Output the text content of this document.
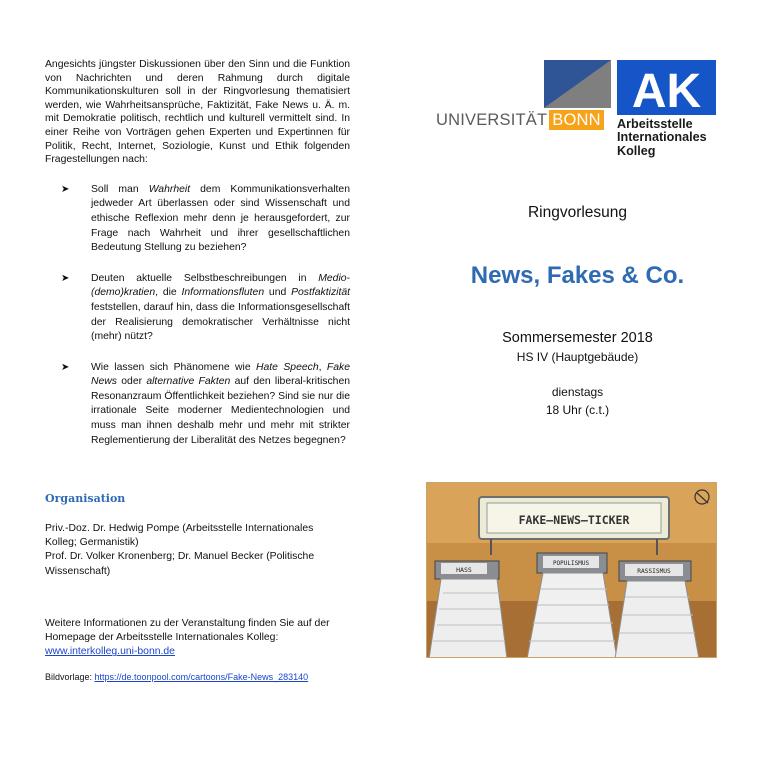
Angesichts jüngster Diskussionen über den Sinn und die Funktion von Nachrichten und deren Rahmung durch digitale Kommunikationskulturen soll in der Ringvorlesung thematisiert werden, wie Wahrheitsansprüche, Faktizität, Fake News u. Ä. m. mit Demokratie politisch, rechtlich und kulturell vermittelt sind. In einer Reihe von Vorträgen gehen Experten und Expertinnen für Politik, Recht, Internet, Soziologie, Kunst und Ethik folgenden Fragestellungen nach:

➤ Soll man Wahrheit dem Kommunikationsverhalten jedweder Art überlassen oder sind Wissenschaft und ethische Reflexion mehr denn je herausgefordert, zur Frage nach Wahrheit und ihrer gesellschaftlichen Bedeutung Stellung zu beziehen?
➤ Deuten aktuelle Selbstbeschreibungen in Medio-(demo)kratien, die Informationsfluten und Postfaktizität feststellen, darauf hin, dass die Informationsgesellschaft der Realisierung demokratischer Verhältnisse nicht (mehr) nützt?
➤ Wie lassen sich Phänomene wie Hate Speech, Fake News oder alternative Fakten auf den liberal-kritischen Resonanzraum Öffentlichkeit beziehen? Sind sie nur die irrationale Seite moderner Medientechnologien und muss man ihnen deshalb mehr und mehr mit strikter Reglementierung der Liberalität des Netzes begegnen?
Organisation
Priv.-Doz. Dr. Hedwig Pompe (Arbeitsstelle Internationales Kolleg; Germanistik)
Prof. Dr. Volker Kronenberg; Dr. Manuel Becker (Politische Wissenschaft)
Weitere Informationen zu der Veranstaltung finden Sie auf der Homepage der Arbeitsstelle Internationales Kolleg:
www.interkolleg.uni-bonn.de

Bildvorlage: https://de.toonpool.com/cartoons/Fake-News_283140

UNIVERSITÄT BONN
AK
Arbeitsstelle
Internationales
Kolleg

Ringvorlesung

News, Fakes & Co.

Sommersemester 2018

HS IV (Hauptgebäude)

dienstags

18 Uhr (c.t.)

FAKE–NEWS–TICKER
HASS
POPULISMUS
RASSISMUS
